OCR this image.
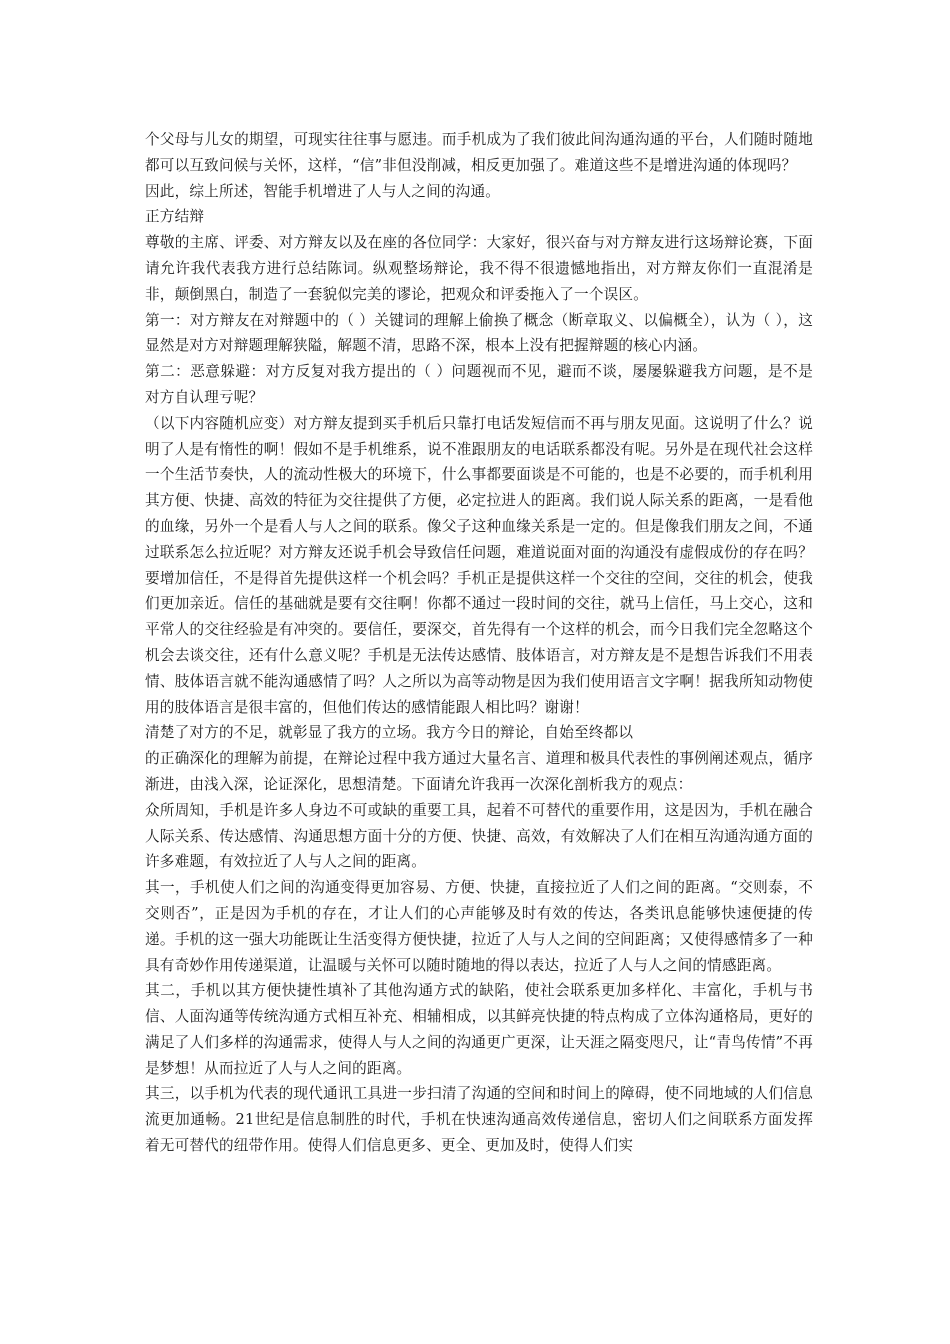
个父母与儿女的期望，可现实往往事与愿违。而手机成为了我们彼此间沟通沟通的平台，人们随时随地都可以互致问候与关怀，这样，“信”非但没削减，相反更加强了。难道这些不是增进沟通的体现吗？

因此，综上所述，智能手机增进了人与人之间的沟通。

正方结辩

尊敬的主席、评委、对方辩友以及在座的各位同学：大家好，很兴奋与对方辩友进行这场辩论赛，下面请允许我代表我方进行总结陈词。纵观整场辩论，我不得不很遗憾地指出，对方辩友你们一直混淆是非，颠倒黑白，制造了一套貌似完美的谬论，把观众和评委拖入了一个误区。

第一：对方辩友在对辩题中的（ ）关键词的理解上偷换了概念（断章取义、以偏概全），认为（ ），这显然是对方对辩题理解狭隘，解题不清，思路不深，根本上没有把握辩题的核心内涵。

第二：恶意躲避：对方反复对我方提出的（ ）问题视而不见，避而不谈，屡屡躲避我方问题，是不是对方自认理亏呢？

（以下内容随机应变）对方辩友提到买手机后只靠打电话发短信而不再与朋友见面。这说明了什么？说明了人是有惰性的啊！假如不是手机维系，说不准跟朋友的电话联系都没有呢。另外是在现代社会这样一个生活节奏快，人的流动性极大的环境下，什么事都要面谈是不可能的，也是不必要的，而手机利用其方便、快捷、高效的特征为交往提供了方便，必定拉进人的距离。我们说人际关系的距离，一是看他的血缘，另外一个是看人与人之间的联系。像父子这种血缘关系是一定的。但是像我们朋友之间，不通过联系怎么拉近呢？对方辩友还说手机会导致信任问题，难道说面对面的沟通没有虚假成份的存在吗？要增加信任，不是得首先提供这样一个机会吗？手机正是提供这样一个交往的空间，交往的机会，使我们更加亲近。信任的基础就是要有交往啊！你都不通过一段时间的交往，就马上信任，马上交心，这和平常人的交往经验是有冲突的。要信任，要深交，首先得有一个这样的机会，而今日我们完全忽略这个机会去谈交往，还有什么意义呢？手机是无法传达感情、肢体语言，对方辩友是不是想告诉我们不用表情、肢体语言就不能沟通感情了吗？人之所以为高等动物是因为我们使用语言文字啊！据我所知动物使用的肢体语言是很丰富的，但他们传达的感情能跟人相比吗？谢谢！

清楚了对方的不足，就彰显了我方的立场。我方今日的辩论，自始至终都以

的正确深化的理解为前提，在辩论过程中我方通过大量名言、道理和极具代表性的事例阐述观点，循序渐进，由浅入深，论证深化，思想清楚。下面请允许我再一次深化剖析我方的观点：

众所周知，手机是许多人身边不可或缺的重要工具，起着不可替代的重要作用，这是因为，手机在融合人际关系、传达感情、沟通思想方面十分的方便、快捷、高效，有效解决了人们在相互沟通沟通方面的许多难题，有效拉近了人与人之间的距离。

其一，手机使人们之间的沟通变得更加容易、方便、快捷，直接拉近了人们之间的距离。“交则泰，不交则否”，正是因为手机的存在，才让人们的心声能够及时有效的传达，各类讯息能够快速便捷的传递。手机的这一强大功能既让生活变得方便快捷，拉近了人与人之间的空间距离；又使得感情多了一种具有奇妙作用传递渠道，让温暖与关怀可以随时随地的得以表达，拉近了人与人之间的情感距离。

其二，手机以其方便快捷性填补了其他沟通方式的缺陷，使社会联系更加多样化、丰富化，手机与书信、人面沟通等传统沟通方式相互补充、相辅相成，以其鲜亮快捷的特点构成了立体沟通格局，更好的满足了人们多样的沟通需求，使得人与人之间的沟通更广更深，让天涯之隔变咫尺，让“青鸟传情”不再是梦想！从而拉近了人与人之间的距离。

其三，以手机为代表的现代通讯工具进一步扫清了沟通的空间和时间上的障碍，使不同地域的人们信息流更加通畅。21世纪是信息制胜的时代，手机在快速沟通高效传递信息，密切人们之间联系方面发挥着无可替代的纽带作用。使得人们信息更多、更全、更加及时，使得人们实
